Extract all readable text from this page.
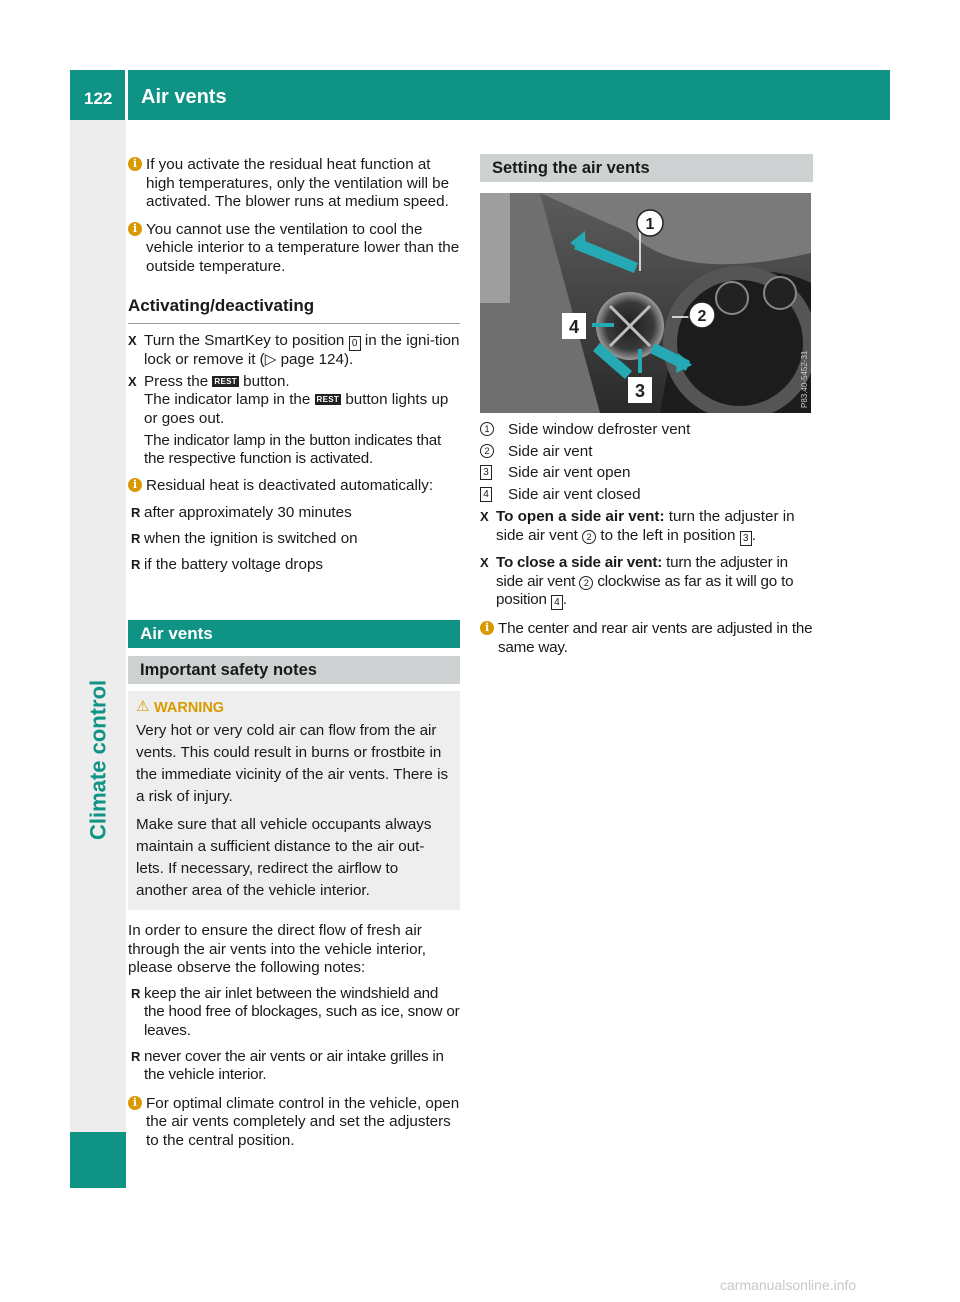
122 Air vents
Climate control
i If you activate the residual heat function at high temperatures, only the ventilation will be activated. The blower runs at medium speed.
i You cannot use the ventilation to cool the vehicle interior to a temperature lower than the outside temperature.
Activating/deactivating
X Turn the SmartKey to position 0 in the igni-tion lock or remove it (▷ page 124).
X Press the REST button.
The indicator lamp in the REST button lights up or goes out.
The indicator lamp in the button indicates that the respective function is activated.
i Residual heat is deactivated automatically:
R after approximately 30 minutes
R when the ignition is switched on
R if the battery voltage drops
Air vents
Important safety notes
⚠ WARNING

Very hot or very cold air can flow from the air vents. This could result in burns or frostbite in the immediate vicinity of the air vents. There is a risk of injury.

Make sure that all vehicle occupants always maintain a sufficient distance to the air out-lets. If necessary, redirect the airflow to another area of the vehicle interior.

In order to ensure the direct flow of fresh air through the air vents into the vehicle interior, please observe the following notes:
R keep the air inlet between the windshield and the hood free of blockages, such as ice, snow or leaves.
R never cover the air vents or air intake grilles in the vehicle interior.
i For optimal climate control in the vehicle, open the air vents completely and set the adjusters to the central position.
Setting the air vents
1
2
3
4
P83.40-5452-31
1 Side window defroster vent
2 Side air vent
3 Side air vent open
4 Side air vent closed
X To open a side air vent: turn the adjuster in side air vent 2 to the left in position 3 .
X To close a side air vent: turn the adjuster in side air vent 2 clockwise as far as it will go to position 4 .
i The center and rear air vents are adjusted in the same way.
carmanualsonline.info
